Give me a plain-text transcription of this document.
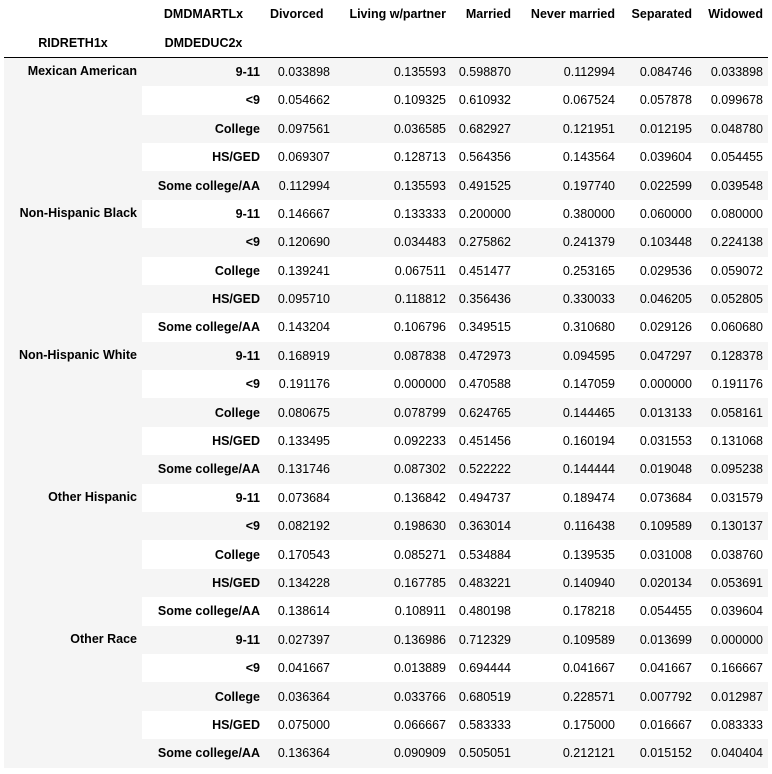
	DMDMARTLx	Divorced	Living w/partner	Married	Never married	Separated	Widowed
RIDRETH1x	DMDEDUC2x						
Mexican American	9-11	0.033898	0.135593	0.598870	0.112994	0.084746	0.033898
	<9	0.054662	0.109325	0.610932	0.067524	0.057878	0.099678
	College	0.097561	0.036585	0.682927	0.121951	0.012195	0.048780
	HS/GED	0.069307	0.128713	0.564356	0.143564	0.039604	0.054455
	Some college/AA	0.112994	0.135593	0.491525	0.197740	0.022599	0.039548
Non-Hispanic Black	9-11	0.146667	0.133333	0.200000	0.380000	0.060000	0.080000
	<9	0.120690	0.034483	0.275862	0.241379	0.103448	0.224138
	College	0.139241	0.067511	0.451477	0.253165	0.029536	0.059072
	HS/GED	0.095710	0.118812	0.356436	0.330033	0.046205	0.052805
	Some college/AA	0.143204	0.106796	0.349515	0.310680	0.029126	0.060680
Non-Hispanic White	9-11	0.168919	0.087838	0.472973	0.094595	0.047297	0.128378
	<9	0.191176	0.000000	0.470588	0.147059	0.000000	0.191176
	College	0.080675	0.078799	0.624765	0.144465	0.013133	0.058161
	HS/GED	0.133495	0.092233	0.451456	0.160194	0.031553	0.131068
	Some college/AA	0.131746	0.087302	0.522222	0.144444	0.019048	0.095238
Other Hispanic	9-11	0.073684	0.136842	0.494737	0.189474	0.073684	0.031579
	<9	0.082192	0.198630	0.363014	0.116438	0.109589	0.130137
	College	0.170543	0.085271	0.534884	0.139535	0.031008	0.038760
	HS/GED	0.134228	0.167785	0.483221	0.140940	0.020134	0.053691
	Some college/AA	0.138614	0.108911	0.480198	0.178218	0.054455	0.039604
Other Race	9-11	0.027397	0.136986	0.712329	0.109589	0.013699	0.000000
	<9	0.041667	0.013889	0.694444	0.041667	0.041667	0.166667
	College	0.036364	0.033766	0.680519	0.228571	0.007792	0.012987
	HS/GED	0.075000	0.066667	0.583333	0.175000	0.016667	0.083333
	Some college/AA	0.136364	0.090909	0.505051	0.212121	0.015152	0.040404
